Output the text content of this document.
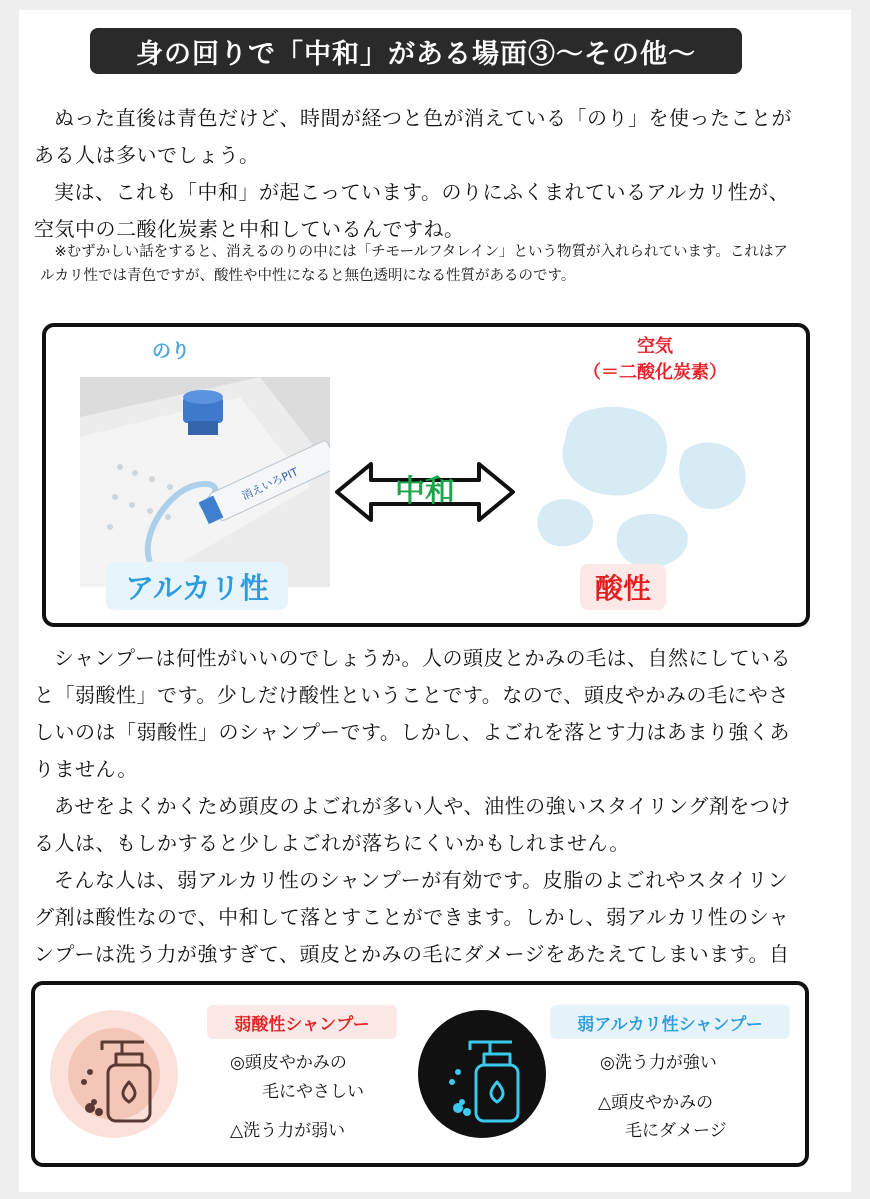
身の回りで「中和」がある場面③〜その他〜

ぬった直後は青色だけど、時間が経つと色が消えている「のり」を使ったことがある人は多いでしょう。

実は、これも「中和」が起こっています。のりにふくまれているアルカリ性が、空気中の二酸化炭素と中和しているんですね。

※むずかしい話をすると、消えるのりの中には「チモールフタレイン」という物質が入れられています。これはアルカリ性では青色ですが、酸性や中性になると無色透明になる性質があるのです。

のり
消えいろPIT
アルカリ性
中和
空気
（＝二酸化炭素）
酸性

シャンプーは何性がいいのでしょうか。人の頭皮とかみの毛は、自然にしていると「弱酸性」です。少しだけ酸性ということです。なので、頭皮やかみの毛にやさしいのは「弱酸性」のシャンプーです。しかし、よごれを落とす力はあまり強くありません。

あせをよくかくため頭皮のよごれが多い人や、油性の強いスタイリング剤をつける人は、もしかすると少しよごれが落ちにくいかもしれません。

そんな人は、弱アルカリ性のシャンプーが有効です。皮脂のよごれやスタイリング剤は酸性なので、中和して落とすことができます。しかし、弱アルカリ性のシャンプーは洗う力が強すぎて、頭皮とかみの毛にダメージをあたえてしまいます。自

弱酸性シャンプー
◎頭皮やかみの
毛にやさしい
△洗う力が弱い
弱アルカリ性シャンプー
◎洗う力が強い
△頭皮やかみの
毛にダメージ
